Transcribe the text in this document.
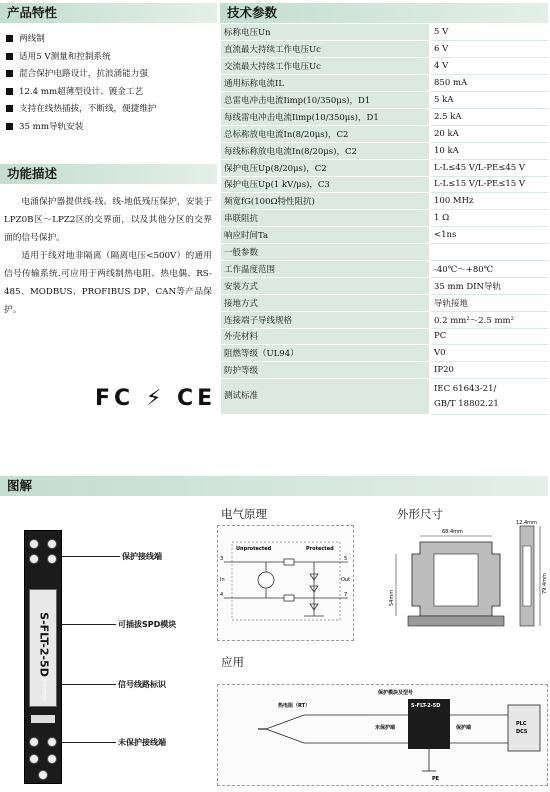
产品特性
两线制
适用5 V测量和控制系统
混合保护电路设计，抗浪涌能力强
12.4 mm超薄型设计、镀金工艺
支持在线热插拔，不断线，便捷维护
35 mm导轨安装
功能描述

电涌保护器提供线-线、线-地低残压保护，安装于LPZ0B区～LPZ2区的交界面，以及其他分区的交界面的信号保护。

适用于线对地非隔离（隔离电压<500V）的通用信号传输系统.可应用于两线制热电阻、热电偶、RS-485、MODBUS、PROFIBUS DP、CAN等产品保护。

FC ⚡ CE
技术参数
标称电压Un	5 V
直流最大持续工作电压Uc	6 V
交流最大持续工作电压Uc	4 V
通用标称电流IL	850 mA
总雷电冲击电流Iimp(10/350μs)，D1	5 kA
每线雷电冲击电流Iimp(10/350μs)，D1	2.5 kA
总标称放电电流In(8/20μs)，C2	20 kA
每线标称放电电流In(8/20μs)，C2	10 kA
保护电压Up(8/20μs)，C2	L-L≤45 V/L-PE≤45 V
保护电压Up(1 kV/μs)，C3	L-L≤15 V/L-PE≤15 V
频宽fG(100Ω特性阻抗)	100 MHz
串联阻抗	1 Ω
响应时间Ta	<1ns
一般参数	
工作温度范围	-40℃～+80℃
安装方式	35 mm DIN导轨
接地方式	导轨接地
连接端子导线规格	0.2 mm²～2.5 mm²
外壳材料	PC
阻燃等级（UL94）	V0
防护等级	IP20
测试标准	IEC 61643-21/
GB/T 18802.21
图解
S-FLT-2-5D
Sinotep
保护接线端
可插拔SPD模块
信号线路标识
未保护接线端
电气原理
Unprotected	Protected
3
4
In
5
7
Out
外形尺寸
68.4mm
54mm
79.4mm
12.4mm
应用
热电阻（RT）
保护模块及型号
未保护端
S-FLT-2-5D
保护端
PLC
DCS
PE
